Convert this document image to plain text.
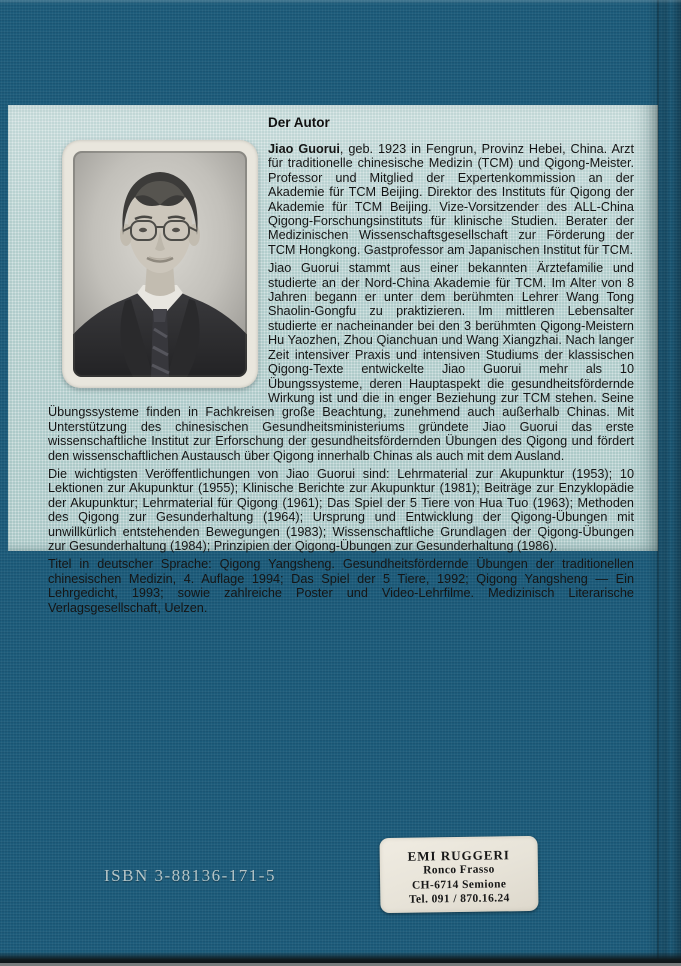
Der Autor

Jiao Guorui, geb. 1923 in Fengrun, Provinz Hebei, China. Arzt für traditionelle chinesische Medizin (TCM) und Qigong-Meister. Professor und Mitglied der Expertenkommission an der Akademie für TCM Beijing. Direktor des Instituts für Qigong der Akademie für TCM Beijing. Vize-Vorsitzender des ALL-China Qigong-Forschungsinstituts für klinische Studien. Berater der Medizinischen Wissenschaftsgesellschaft zur Förderung der TCM Hongkong. Gastprofessor am Japanischen Institut für TCM.

Jiao Guorui stammt aus einer bekannten Ärztefamilie und studierte an der Nord-China Akademie für TCM. Im Alter von 8 Jahren begann er unter dem berühmten Lehrer Wang Tong Shaolin-Gongfu zu praktizieren. Im mittleren Lebensalter studierte er nacheinander bei den 3 berühmten Qigong-Meistern Hu Yaozhen, Zhou Qianchuan und Wang Xiangzhai. Nach langer Zeit intensiver Praxis und intensiven Studiums der klassischen Qigong-Texte entwickelte Jiao Guorui mehr als 10 Übungssysteme, deren Hauptaspekt die gesundheitsfördernde Wirkung ist und die in enger Beziehung zur TCM stehen. Seine Übungssysteme finden in Fachkreisen große Beachtung, zunehmend auch außerhalb Chinas. Mit Unterstützung des chinesischen Gesundheitsministeriums gründete Jiao Guorui das erste wissenschaftliche Institut zur Erforschung der gesundheitsfördernden Übungen des Qigong und fördert den wissenschaftlichen Austausch über Qigong innerhalb Chinas als auch mit dem Ausland.

Die wichtigsten Veröffentlichungen von Jiao Guorui sind: Lehrmaterial zur Akupunktur (1953); 10 Lektionen zur Akupunktur (1955); Klinische Berichte zur Akupunktur (1981); Beiträge zur Enzyklopädie der Akupunktur; Lehrmaterial für Qigong (1961); Das Spiel der 5 Tiere von Hua Tuo (1963); Methoden des Qigong zur Gesunderhaltung (1964); Ursprung und Entwicklung der Qigong-Übungen mit unwillkürlich entstehenden Bewegungen (1983); Wissenschaftliche Grundlagen der Qigong-Übungen zur Gesunderhaltung (1984); Prinzipien der Qigong-Übungen zur Gesunderhaltung (1986).

Titel in deutscher Sprache: Qigong Yangsheng. Gesundheitsfördernde Übungen der traditionellen chinesischen Medizin, 4. Auflage 1994; Das Spiel der 5 Tiere, 1992; Qigong Yangsheng — Ein Lehrgedicht, 1993; sowie zahlreiche Poster und Video-Lehrfilme. Medizinisch Literarische Verlagsgesellschaft, Uelzen.

ISBN 3-88136-171-5
EMI RUGGERI
Ronco Frasso
CH-6714 Semione
Tel. 091 / 870.16.24
